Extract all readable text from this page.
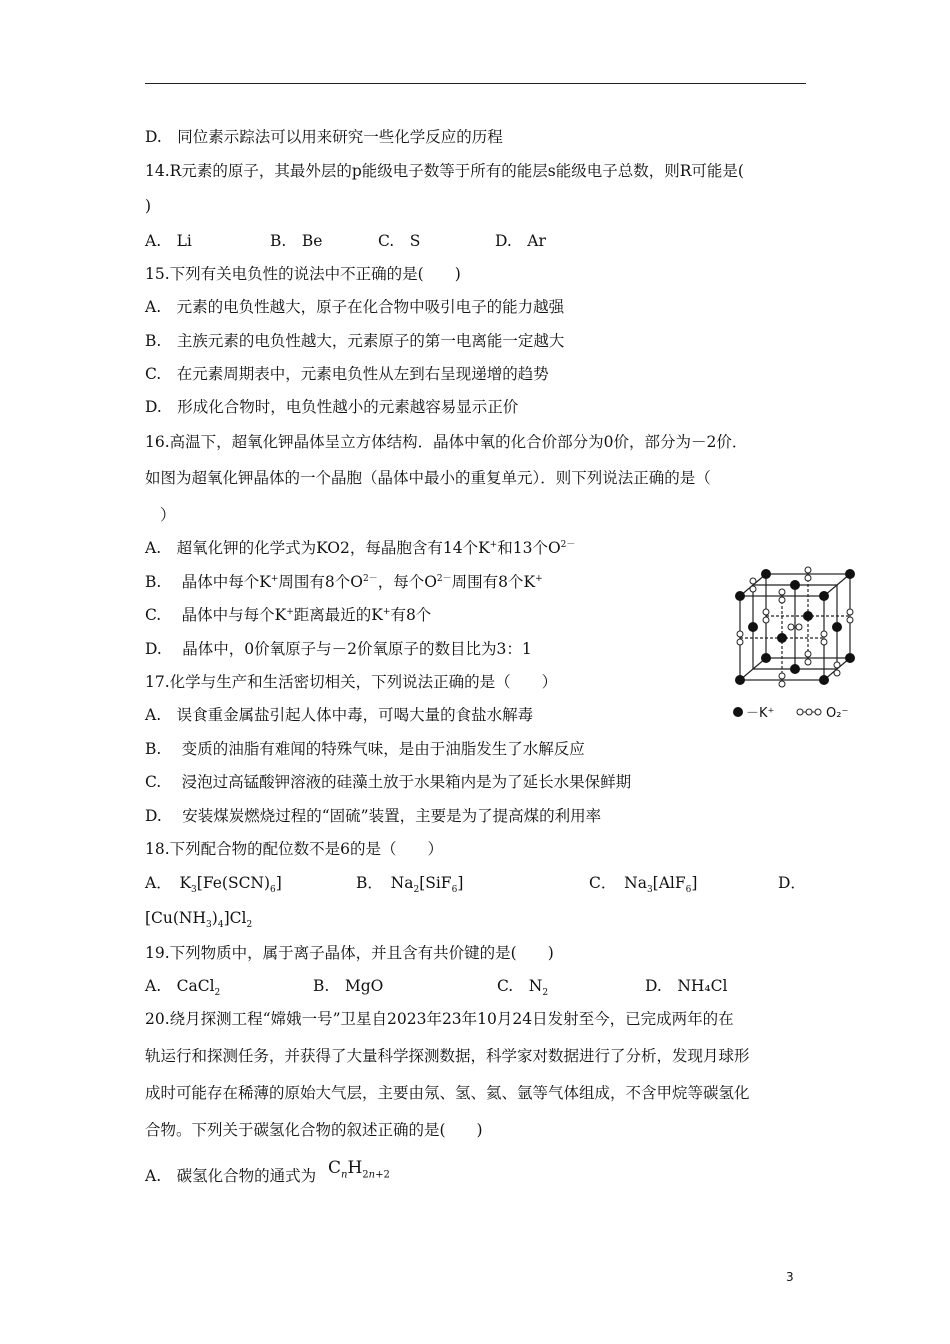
D.　同位素示踪法可以用来研究一些化学反应的历程
14.R元素的原子，其最外层的p能级电子数等于所有的能层s能级电子总数，则R可能是(
)
A.　Li	B.　Be	C.　S	D.　Ar
15.下列有关电负性的说法中不正确的是(　　)
A.　元素的电负性越大，原子在化合物中吸引电子的能力越强
B.　主族元素的电负性越大，元素原子的第一电离能一定越大
C.　在元素周期表中，元素电负性从左到右呈现递增的趋势
D.　形成化合物时，电负性越小的元素越容易显示正价
16.高温下，超氧化钾晶体呈立方体结构．晶体中氧的化合价部分为0价，部分为－2价．
如图为超氧化钾晶体的一个晶胞（晶体中最小的重复单元）．则下列说法正确的是（
）
A.　超氧化钾的化学式为KO2，每晶胞含有14个K+和13个$O^{2-}$
B.　 晶体中每个K+周围有8个$O^{2-}$，每个$O^{2-}$周围有8个K+
C.　 晶体中与每个K+距离最近的K+有8个
D.　 晶体中，0价氧原子与－2价氧原子的数目比为3：1
－K⁺	O₂⁻
17.化学与生产和生活密切相关，下列说法正确的是（　　）
A.　误食重金属盐引起人体中毒，可喝大量的食盐水解毒
B.　 变质的油脂有难闻的特殊气味，是由于油脂发生了水解反应
C.　 浸泡过高锰酸钾溶液的硅藻土放于水果箱内是为了延长水果保鲜期
D.　 安装煤炭燃烧过程的“固硫”装置，主要是为了提高煤的利用率
18.下列配合物的配位数不是6的是（　　）
A．　$K_3[Fe(SCN)_6]$	B．　$Na_2[SiF_6]$	C．　$Na_3[AlF_6]$	D．
$[Cu(NH_3)_4]Cl_2$
19.下列物质中，属于离子晶体，并且含有共价键的是(　　)
A.　CaCl$_2$	B.　MgO	C.　$N_2$	D.　 NH₄Cl
20.绕月探测工程“嫦娥一号”卫星自2023年23年10月24日发射至今，已完成两年的在
轨运行和探测任务，并获得了大量科学探测数据，科学家对数据进行了分析，发现月球形
成时可能存在稀薄的原始大气层，主要由氖、氢、氦、氩等气体组成，不含甲烷等碳氢化
合物。下列关于碳氢化合物的叙述正确的是(　　)
A.　碳氢化合物的通式为 $C_nH_{2n+2}$
3
